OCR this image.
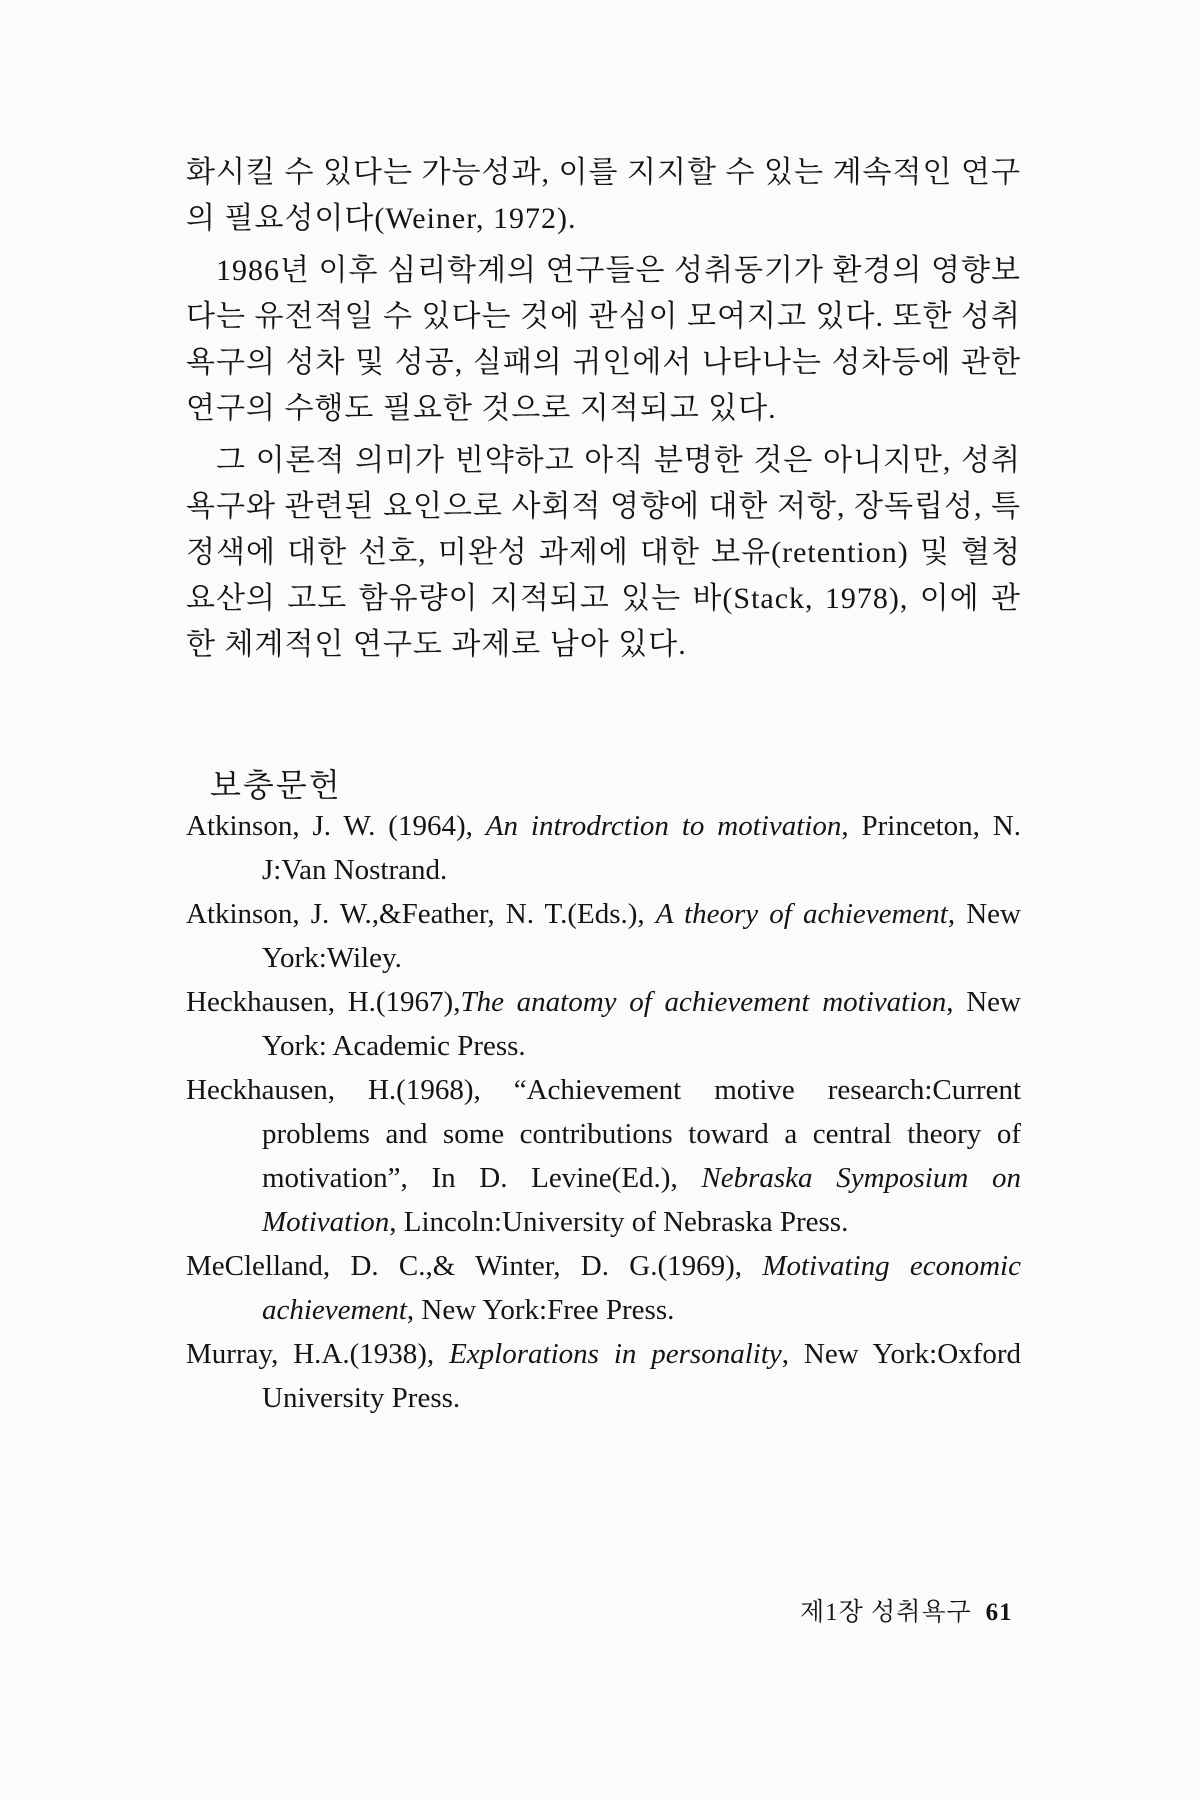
화시킬 수 있다는 가능성과, 이를 지지할 수 있는 계속적인 연구의 필요성이다(Weiner, 1972).

1986년 이후 심리학계의 연구들은 성취동기가 환경의 영향보다는 유전적일 수 있다는 것에 관심이 모여지고 있다. 또한 성취욕구의 성차 및 성공, 실패의 귀인에서 나타나는 성차등에 관한 연구의 수행도 필요한 것으로 지적되고 있다.

그 이론적 의미가 빈약하고 아직 분명한 것은 아니지만, 성취욕구와 관련된 요인으로 사회적 영향에 대한 저항, 장독립성, 특정색에 대한 선호, 미완성 과제에 대한 보유(retention) 및 혈청요산의 고도 함유량이 지적되고 있는 바(Stack, 1978), 이에 관한 체계적인 연구도 과제로 남아 있다.

보충문헌
Atkinson, J. W. (1964), An introdrction to motivation, Princeton, N. J:Van Nostrand.
Atkinson, J. W.,&Feather, N. T.(Eds.), A theory of achievement, New York:Wiley.
Heckhausen, H.(1967),The anatomy of achievement motivation, New York: Academic Press.
Heckhausen, H.(1968), “Achievement motive research:Current problems and some contributions toward a central theory of motivation”, In D. Levine(Ed.), Nebraska Symposium on Motivation, Lincoln:University of Nebraska Press.
MeClelland, D. C.,& Winter, D. G.(1969), Motivating economic achievement, New York:Free Press.
Murray, H.A.(1938), Explorations in personality, New York:Oxford University Press.
제1장 성취욕구 61
